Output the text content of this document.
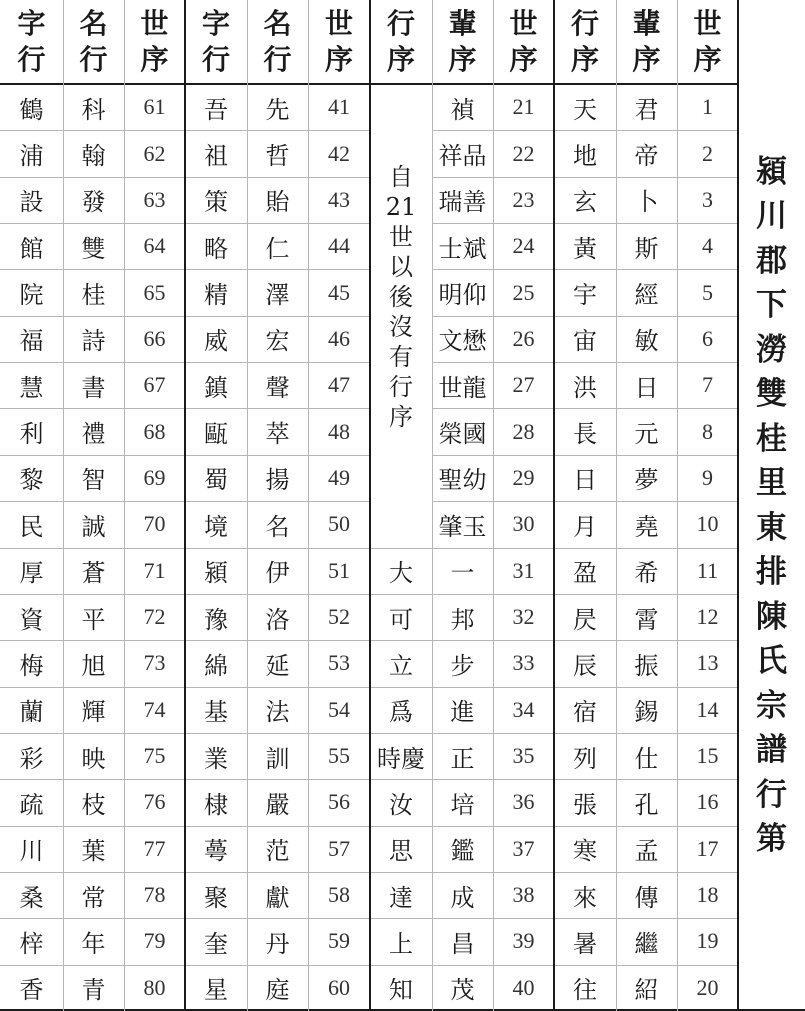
字
行
名
行
世
序
字
行
名
行
世
序
行
序
輩
序
世
序
行
序
輩
序
世
序
鶴
浦
設
館
院
福
慧
利
黎
民
厚
資
梅
蘭
彩
疏
川
桑
梓
香
科
翰
發
雙
桂
詩
書
禮
智
誠
蒼
平
旭
輝
映
枝
葉
常
年
青
61
62
63
64
65
66
67
68
69
70
71
72
73
74
75
76
77
78
79
80
吾
祖
策
略
精
威
鎮
甌
蜀
境
潁
豫
綿
基
業
棣
蕚
聚
奎
星
先
哲
貽
仁
澤
宏
聲
萃
揚
名
伊
洛
延
法
訓
嚴
范
獻
丹
庭
41
42
43
44
45
46
47
48
49
50
51
52
53
54
55
56
57
58
59
60
大
可
立
爲
時慶
汝
思
達
上
知
禎
祥品
瑞善
士斌
明仰
文懋
世龍
榮國
聖幼
肇玉
一
邦
步
進
正
培
鑑
成
昌
茂
21
22
23
24
25
26
27
28
29
30
31
32
33
34
35
36
37
38
39
40
天
地
玄
黃
宇
宙
洪
長
日
月
盈
昃
辰
宿
列
張
寒
來
暑
往
君
帝
卜
斯
經
敏
日
元
夢
堯
希
霄
振
錫
仕
孔
孟
傳
繼
紹
1
2
3
4
5
6
7
8
9
10
11
12
13
14
15
16
17
18
19
20
自
21
世
以
後
沒
有
行
序
潁
川
郡
下
澇
雙
桂
里
東
排
陳
氏
宗
譜
行
第
